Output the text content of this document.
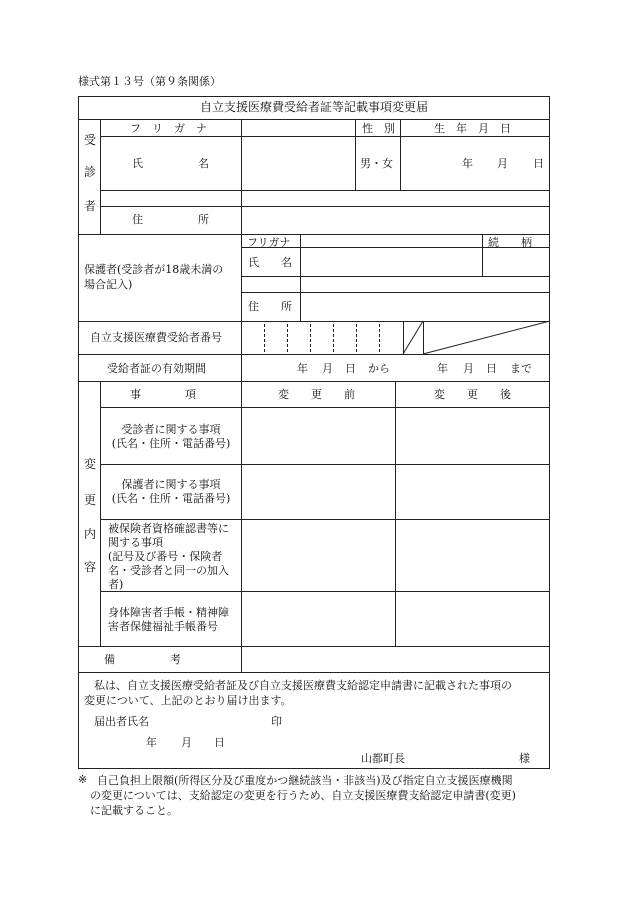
様式第１３号（第９条関係）
自立支援医療費受給者証等記載事項変更届
受
診
者
フ　リ　ガ　ナ	性　別	生　年　月　日
氏　　　　　名	男・女	年 月 日
住　　　　　所
保護者(受診者が18歳未満の
場合記入)
フリガナ	続　　柄
氏　　名
住　　所
自立支援医療費受給者番号
受給者証の有効期間	年 月 日 から	年 月 日 まで
変
更
内
容
事　　　　項	変　　更　　前	変　　更　　後
受診者に関する事項
(氏名・住所・電話番号)
保護者に関する事項
(氏名・住所・電話番号)
被保険者資格確認書等に
関する事項
(記号及び番号・保険者
名・受診者と同一の加入
者)
身体障害者手帳・精神障
害者保健福祉手帳番号
備　　　　　考
私は、自立支援医療受給者証及び自立支援医療費支給認定申請書に記載された事項の
変更について、上記のとおり届け出ます。
届出者氏名	印
年 月 日
山都町長	様
※ 自己負担上限額(所得区分及び重度かつ継続該当・非該当)及び指定自立支援医療機関
の変更については、支給認定の変更を行うため、自立支援医療費支給認定申請書(変更)
に記載すること。
